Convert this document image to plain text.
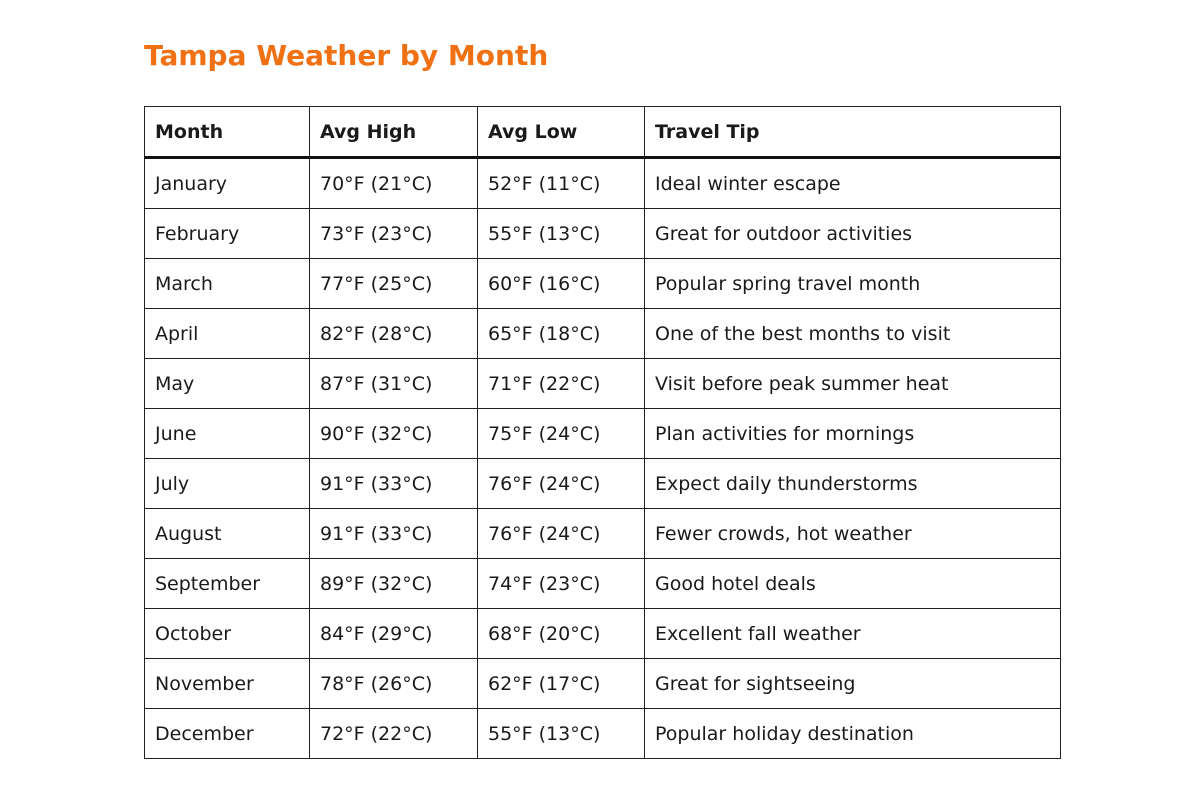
Tampa Weather by Month
Month	Avg High	Avg Low	Travel Tip
January	70°F (21°C)	52°F (11°C)	Ideal winter escape
February	73°F (23°C)	55°F (13°C)	Great for outdoor activities
March	77°F (25°C)	60°F (16°C)	Popular spring travel month
April	82°F (28°C)	65°F (18°C)	One of the best months to visit
May	87°F (31°C)	71°F (22°C)	Visit before peak summer heat
June	90°F (32°C)	75°F (24°C)	Plan activities for mornings
July	91°F (33°C)	76°F (24°C)	Expect daily thunderstorms
August	91°F (33°C)	76°F (24°C)	Fewer crowds, hot weather
September	89°F (32°C)	74°F (23°C)	Good hotel deals
October	84°F (29°C)	68°F (20°C)	Excellent fall weather
November	78°F (26°C)	62°F (17°C)	Great for sightseeing
December	72°F (22°C)	55°F (13°C)	Popular holiday destination
